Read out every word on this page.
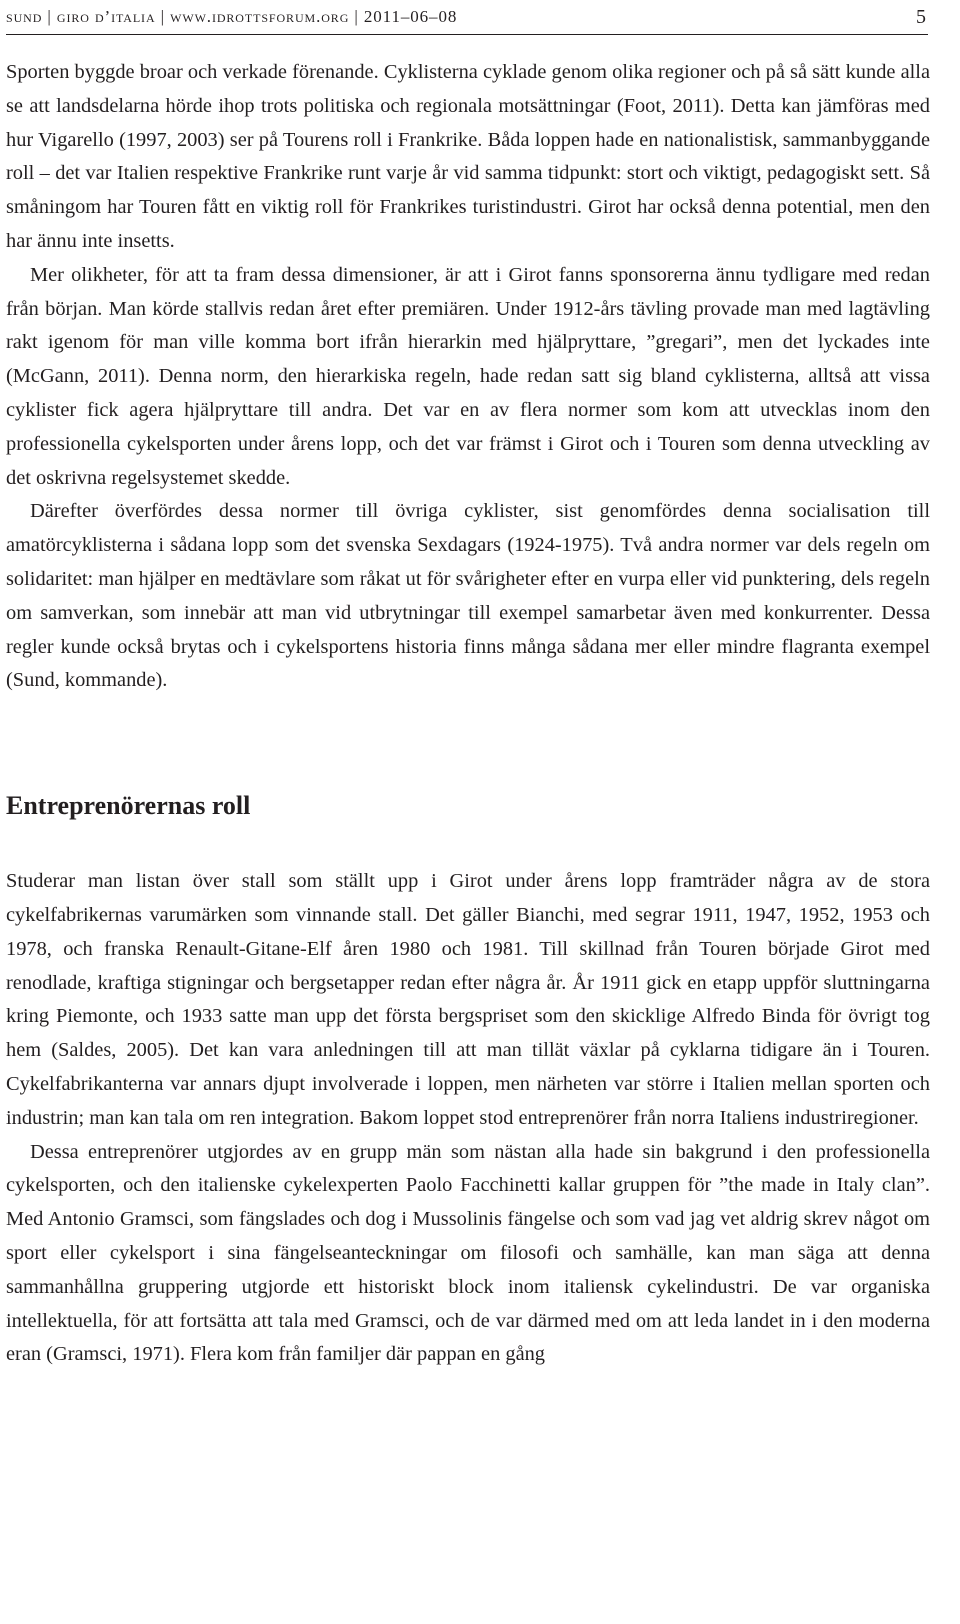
sund | giro d’italia | www.idrottsforum.org | 2011–06–08	5

Sporten byggde broar och verkade förenande. Cyklisterna cyklade genom olika regioner och på så sätt kunde alla se att landsdelarna hörde ihop trots politiska och regionala motsättningar (Foot, 2011). Detta kan jämföras med hur Vigarello (1997, 2003) ser på Tourens roll i Frankrike. Båda loppen hade en nationalistisk, sammanbyggande roll – det var Italien respektive Frankrike runt varje år vid samma tidpunkt: stort och viktigt, pedagogiskt sett. Så småningom har Touren fått en viktig roll för Frankrikes turistindustri. Girot har också denna potential, men den har ännu inte insetts.

Mer olikheter, för att ta fram dessa dimensioner, är att i Girot fanns sponsorerna ännu tydligare med redan från början. Man körde stallvis redan året efter premiären. Under 1912-års tävling provade man med lagtävling rakt igenom för man ville komma bort ifrån hierarkin med hjälpryttare, ”gregari”, men det lyckades inte (McGann, 2011). Denna norm, den hierarkiska regeln, hade redan satt sig bland cyklisterna, alltså att vissa cyklister fick agera hjälpryttare till andra. Det var en av flera normer som kom att utvecklas inom den professionella cykelsporten under årens lopp, och det var främst i Girot och i Touren som denna utveckling av det oskrivna regelsystemet skedde.

Därefter överfördes dessa normer till övriga cyklister, sist genomfördes denna socialisation till amatörcyklisterna i sådana lopp som det svenska Sexdagars (1924-1975). Två andra normer var dels regeln om solidaritet: man hjälper en medtävlare som råkat ut för svårigheter efter en vurpa eller vid punktering, dels regeln om samverkan, som innebär att man vid utbrytningar till exempel samarbetar även med konkurrenter. Dessa regler kunde också brytas och i cykelsportens historia finns många sådana mer eller mindre flagranta exempel (Sund, kommande).

Entreprenörernas roll

Studerar man listan över stall som ställt upp i Girot under årens lopp framträder några av de stora cykelfabrikernas varumärken som vinnande stall. Det gäller Bianchi, med segrar 1911, 1947, 1952, 1953 och 1978, och franska Renault-Gitane-Elf åren 1980 och 1981. Till skillnad från Touren började Girot med renodlade, kraftiga stigningar och bergsetapper redan efter några år. År 1911 gick en etapp uppför sluttningarna kring Piemonte, och 1933 satte man upp det första bergspriset som den skicklige Alfredo Binda för övrigt tog hem (Saldes, 2005). Det kan vara anledningen till att man tillät växlar på cyklarna tidigare än i Touren. Cykelfabrikanterna var annars djupt involverade i loppen, men närheten var större i Italien mellan sporten och industrin; man kan tala om ren integration. Bakom loppet stod entreprenörer från norra Italiens industriregioner.

Dessa entreprenörer utgjordes av en grupp män som nästan alla hade sin bakgrund i den professionella cykelsporten, och den italienske cykelexperten Paolo Facchinetti kallar gruppen för ”the made in Italy clan”. Med Antonio Gramsci, som fängslades och dog i Mussolinis fängelse och som vad jag vet aldrig skrev något om sport eller cykelsport i sina fängelseanteckningar om filosofi och samhälle, kan man säga att denna sammanhållna gruppering utgjorde ett historiskt block inom italiensk cykelindustri. De var organiska intellektuella, för att fortsätta att tala med Gramsci, och de var därmed med om att leda landet in i den moderna eran (Gramsci, 1971). Flera kom från familjer där pappan en gång
